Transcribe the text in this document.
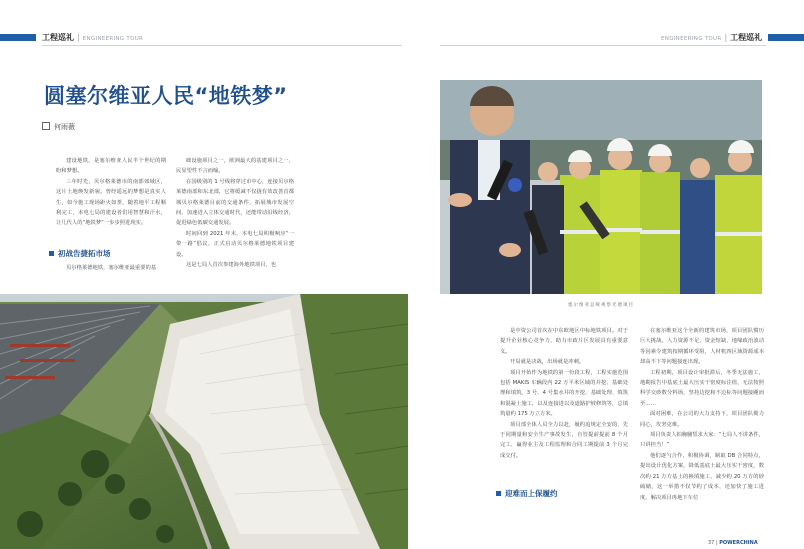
工程巡礼 | ENGINEERING TOUR	ENGINEERING TOUR | 工程巡礼
圆塞尔维亚人民“地铁梦”
何雨薇

建设地铁，是塞尔维亚人民半个世纪的期盼和梦想。

三年时光，贝尔格莱德市的南部郊域区，这片土地焕发新貌。曾经遥远的梦想是真实人生，如今施工现场距火如荼，随着地平工程顺利完工，本电七局的建设者们用智慧和汗水，让几代人的“地铁梦”一步步照进现实。

初战告捷拓市场

贝尔格莱德地铁，塞尔维亚最重要的基

础设施项目之一，欧洲最大的基建项目之一，民显望性不言而喻。

在国级别的 1 号线将穿过市中心，连接贝尔格莱德南部和东北部，它将缓减不仅拢有效改善首都城贝尔格莱德目前的交通条件，拓展城市发展空间，加速进入立体交通时代，还能带动沿线经济，促进绿色低碳交通发展。

时间回到 2021 年末，本电七局积极响应“一带一路”倡议，正式启动贝尔格莱德地铁项目建设。

这是七局人首次参建海外地铁项目，也

塞尔维亚总统视察光德项目

是中资公司首次在中东欧地区中标地铁项目。对于提升企业核心竞争力，助力市政片区发展具有重要意义。

开局就是决战，出场就是冲刺。

项目开始作为地铁的第一份段工程，工程实施范围包括 MAKIS 车辆段内 22 万平米区域的并挖、基础处理和填筑，3 号、4 号集水井的开挖、基础处理、填筑和混凝土施工，以及连接进以及道路护坡修筑等，总填筑量约 175 万立方米。

项目部全体人员全力以赴，履约追规定全安的，先于同期量和安全生产事故发生，自管提前提前 8 个月完工，赢得业主及工程监理和合同工期提前 3 个月完成交付。

迎难而上保履约

在塞尔维亚这个全新的建筑市场，项目团队惯历巨大挑战，人力资源不足，资金短缺、地缘政治波动等因素令建筑按期循环受阻，人材机四区域资源成本却高不下等问题接连出现。

工程初期，项目设计审批滞后，冬季无法施工，地勘报告中基底土最大压实干密度标注值，无法按照科学交砂数分料场，坚持边挖和不边标等问题接踵而至……

面对困难，在公司的大力支持下，项目团队勠力同心，攻坚克难。

项目负责人拍胸脯誓求大家：“七局人不讲条件，只讲担当！”

他们逐勺合作，积极协调，制取 DB 合同特点，提出设计优化方案，降低基底土最大压实干密度，数次约 21 万方基土的换填施工，减少约 20 万方的砂硫储，这一举措不仅节约了成本，还加快了施工进度，解决项目再地下车位

37 | POWERCHINA
